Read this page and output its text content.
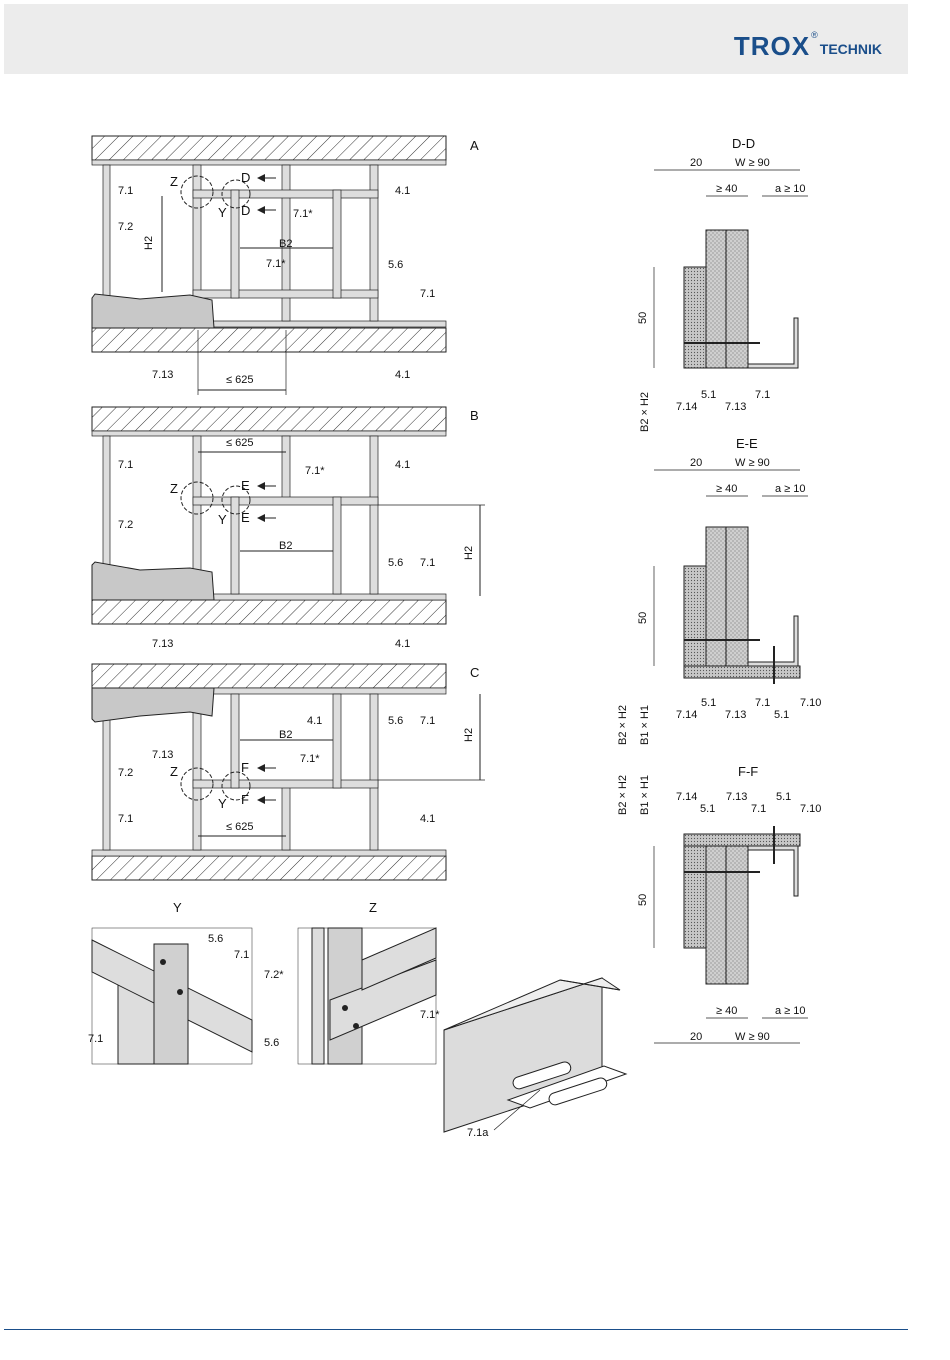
TROX ®
TECHNIK
A
7.1
7.2
Z
Y
D
D	7.1*
7.1*
H2	B2
5.6
7.1
7.13
4.1
4.1
≤ 625
B
≤ 625
7.1	4.1
Z
Y
E
E
7.1*
7.2
B2	H2
5.6 7.1
7.13	4.1
C
7.13
4.1	5.6 7.1
B2	H2
7.2
7.1*
Z
Y
F
F
7.1
≤ 625
4.1
D-D
20	W ≥ 90
≥ 40	a ≥ 10
50
B2 × H2 7.14
5.1
7.13
7.1
E-E
20	W ≥ 90
≥ 40	a ≥ 10
50
B2 × H2 B1 × H1 7.14
5.1
7.13
7.1
5.1
7.10
F-F
B2 × H2 B1 × H1 7.14
5.1
7.13
7.1
5.1
7.10
50
≥ 40	a ≥ 10
20	W ≥ 90
Y
5.6
7.1
7.1
Z
7.2*
5.6
7.1*
7.1a
